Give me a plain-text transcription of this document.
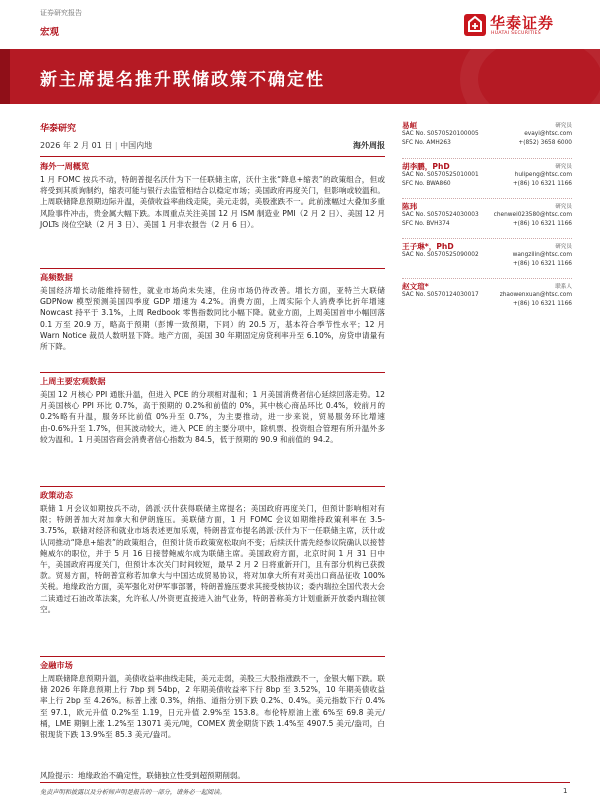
证券研究报告
宏观
华泰证券
HUATAI SECURITIES
新主席提名推升联储政策不确定性
华泰研究
2026 年 2 月 01 日 | 中国内地	海外周报
海外一周概览
1 月 FOMC 按兵不动，特朗普提名沃什为下一任联储主席，沃什主张“降息+缩表”的政策组合，但或将受到其质询制约，缩表可能与银行去监管相结合以稳定市场；美国政府再度关门，但影响或较温和。上周联储降息预期边际升温，美债收益率曲线走陡，美元走弱，美股涨跌不一。此前涨幅过大叠加多重风险事件冲击，贵金属大幅下跌。本周重点关注美国 12 月 ISM 制造业 PMI（2 月 2 日）、美国 12 月 JOLTs 岗位空缺（2 月 3 日）、美国 1 月非农报告（2 月 6 日）。
高频数据
美国经济增长动能维持韧性，就业市场尚未失速，住房市场仍待改善。增长方面，亚特兰大联储 GDPNow 模型预测美国四季度 GDP 增速为 4.2%。消费方面，上周实际个人消费季比折年增速 Nowcast 持平于 3.1%，上周 Redbook 零售指数同比小幅下降。就业方面，上周美国首申小幅回落 0.1 万至 20.9 万，略高于预期（彭博一致预期，下同）的 20.5 万，基本符合季节性水平；12 月 Warn Notice 裁员人数明显下降。地产方面，美国 30 年期固定房贷利率升至 6.10%，房贷申请量有所下降。
上周主要宏观数据
美国 12 月核心 PPI 通胀升温，但进入 PCE 的分项相对温和；1 月美国消费者信心延续回落走势。12 月美国核心 PPI 环比 0.7%，高于预期的 0.2%和前值的 0%，其中核心商品环比 0.4%，较前月的 0.2%略有升温，服务环比前值 0%升至 0.7%，为主要推动，进一步来说，贸易服务环比增速由-0.6%升至 1.7%，但其波动较大，进入 PCE 的主要分项中，除机票、投资组合管理有所升温外多较为温和。1 月美国咨商会消费者信心指数为 84.5，低于预期的 90.9 和前值的 94.2。
政策动态
联储 1 月会议如期按兵不动，鸽派·沃什获得联储主席提名；美国政府再度关门，但预计影响相对有限；特朗普加大对加拿大和伊朗施压。美联储方面，1 月 FOMC 会议如期维持政策利率在 3.5-3.75%，联储对经济和就业市场表述更加乐观，特朗普宣布提名鸽派·沃什为下一任联储主席，沃什或认同推动“降息+缩表”的政策组合，但预计货币政策宽松取向不变；后续沃什需先经参议院确认以接替鲍威尔的职位，并于 5 月 16 日接替鲍威尔成为联储主席。美国政府方面，北京时间 1 月 31 日中午，美国政府再度关门，但预计本次关门时间较短，最早 2 月 2 日将重新开门，且有部分机构已获拨款。贸易方面，特朗普宣称若加拿大与中国达成贸易协议，将对加拿大所有对美出口商品征收 100%关税。地缘政治方面，美军强化对伊军事部署，特朗普施压要求其接受核协议；委内瑞拉全国代表大会二读通过石油改革法案，允许私人/外资更直接进入油气业务，特朗普称美方计划重新开放委内瑞拉领空。
金融市场
上周联储降息预期升温，美债收益率曲线走陡，美元走弱，美股三大股指涨跌不一，金银大幅下跌。联储 2026 年降息预期上行 7bp 到 54bp，2 年期美债收益率下行 8bp 至 3.52%，10 年期美债收益率上行 2bp 至 4.26%。标普上涨 0.3%，纳指、道指分别下跌 0.2%、0.4%。美元指数下行 0.4%至 97.1，欧元升值 0.2%至 1.19，日元升值 2.9%至 153.8。布伦特原油上涨 6%至 69.8 美元/桶，LME 期铜上涨 1.2%至 13071 美元/吨，COMEX 黄金期货下跌 1.4%至 4907.5 美元/盎司，白银现货下跌 13.9%至 85.3 美元/盎司。
易峘	研究员
SAC No. S0570520100005	evayi@htsc.com
SFC No. AMH263	+(852) 3658 6000
胡李鹏，PhD	研究员
SAC No. S0570525010001	hulipeng@htsc.com
SFC No. BWA860	+(86) 10 6321 1166
陈玮	研究员
SAC No. S0570524030003	chenwei023580@htsc.com
SFC No. BVH374	+(86) 10 6321 1166
王子琳*，PhD	研究员
SAC No. S0570525090002	wangzilin@htsc.com
+(86) 10 6321 1166
赵文瑄*	联系人
SAC No. S0570124030017	zhaowenxuan@htsc.com
+(86) 10 6321 1166
风险提示：地缘政治不确定性，联储独立性受到超预期削弱。
免责声明和披露以及分析师声明是报告的一部分，请务必一起阅读。	1
